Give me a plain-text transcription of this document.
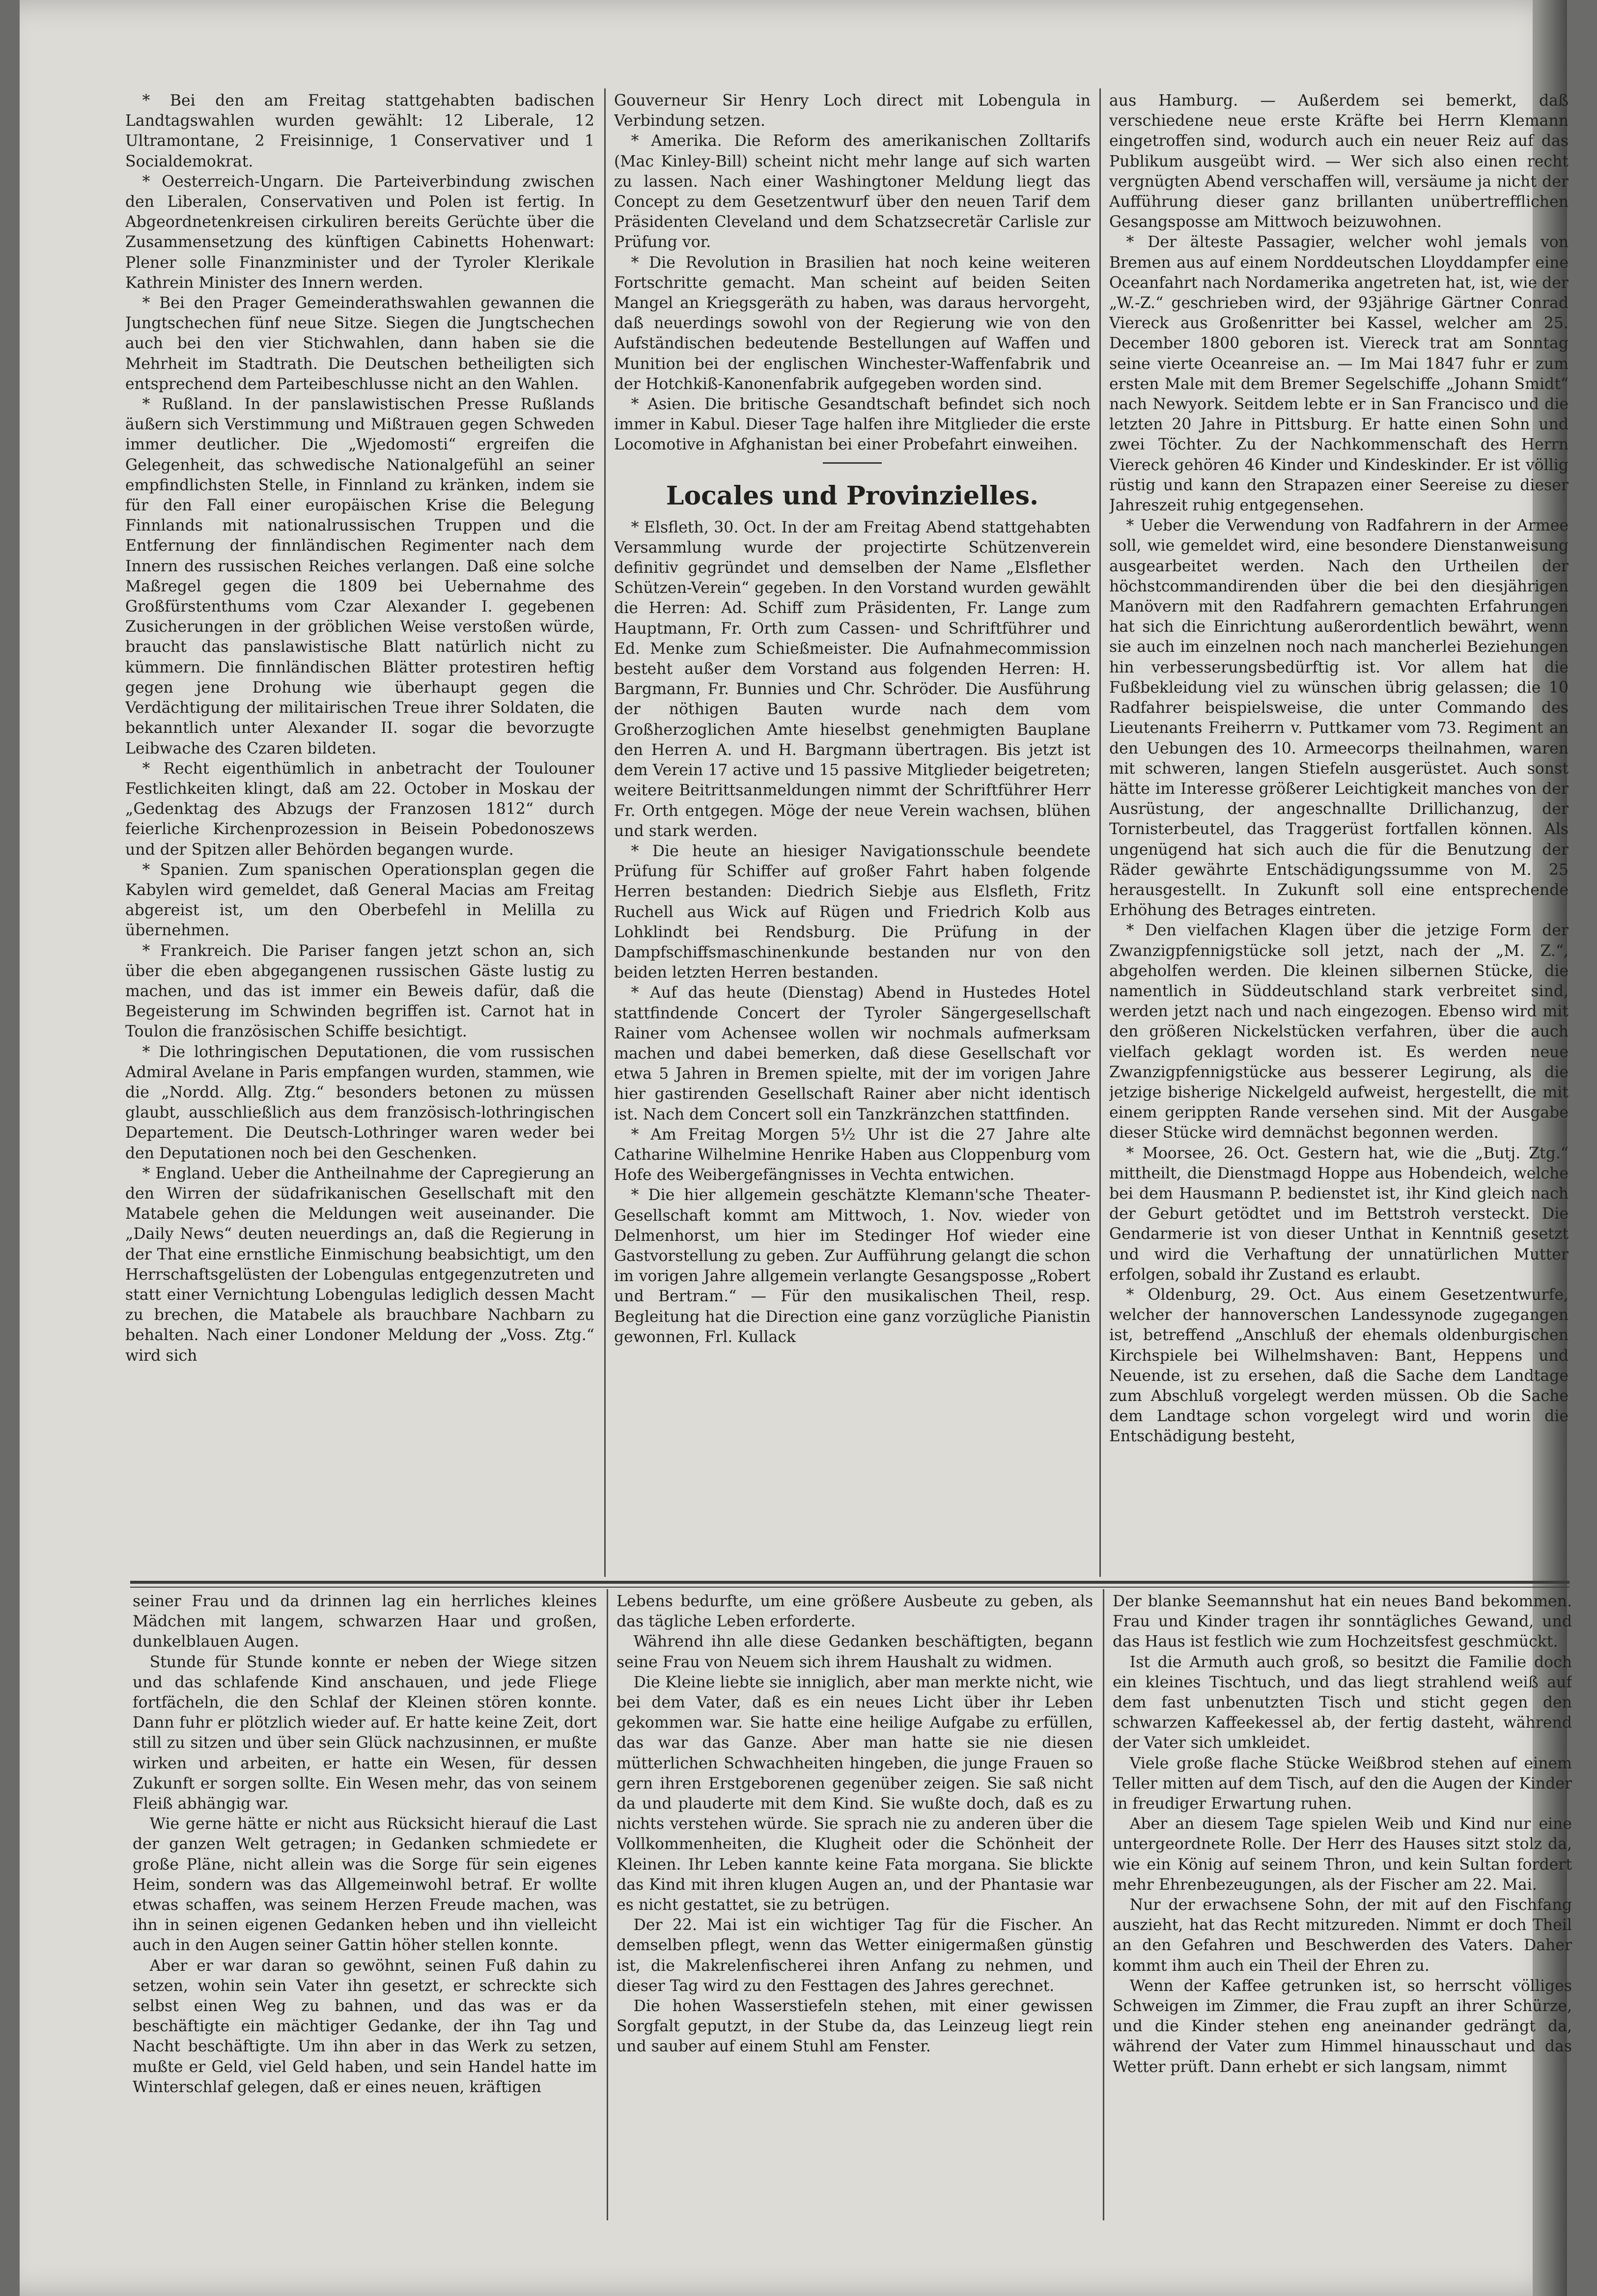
* Bei den am Freitag stattgehabten badischen Landtagswahlen wurden gewählt: 12 Liberale, 12 Ultramontane, 2 Freisinnige, 1 Conservativer und 1 Socialdemokrat.

* Oesterreich-Ungarn. Die Parteiverbindung zwischen den Liberalen, Conservativen und Polen ist fertig. In Abgeordnetenkreisen cirkuliren bereits Gerüchte über die Zusammensetzung des künftigen Cabinetts Hohenwart: Plener solle Finanzminister und der Tyroler Klerikale Kathrein Minister des Innern werden.

* Bei den Prager Gemeinderathswahlen gewannen die Jungtschechen fünf neue Sitze. Siegen die Jungtschechen auch bei den vier Stichwahlen, dann haben sie die Mehrheit im Stadtrath. Die Deutschen betheiligten sich entsprechend dem Parteibeschlusse nicht an den Wahlen.

* Rußland. In der panslawistischen Presse Rußlands äußern sich Verstimmung und Mißtrauen gegen Schweden immer deutlicher. Die „Wjedomosti“ ergreifen die Gelegenheit, das schwedische Nationalgefühl an seiner empfindlichsten Stelle, in Finnland zu kränken, indem sie für den Fall einer europäischen Krise die Belegung Finnlands mit nationalrussischen Truppen und die Entfernung der finnländischen Regimenter nach dem Innern des russischen Reiches verlangen. Daß eine solche Maßregel gegen die 1809 bei Uebernahme des Großfürstenthums vom Czar Alexander I. gegebenen Zusicherungen in der gröblichen Weise verstoßen würde, braucht das panslawistische Blatt natürlich nicht zu kümmern. Die finnländischen Blätter protestiren heftig gegen jene Drohung wie überhaupt gegen die Verdächtigung der militairischen Treue ihrer Soldaten, die bekanntlich unter Alexander II. sogar die bevorzugte Leibwache des Czaren bildeten.

* Recht eigenthümlich in anbetracht der Toulouner Festlichkeiten klingt, daß am 22. October in Moskau der „Gedenktag des Abzugs der Franzosen 1812“ durch feierliche Kirchenprozession in Beisein Pobedonoszews und der Spitzen aller Behörden begangen wurde.

* Spanien. Zum spanischen Operationsplan gegen die Kabylen wird gemeldet, daß General Macias am Freitag abgereist ist, um den Oberbefehl in Melilla zu übernehmen.

* Frankreich. Die Pariser fangen jetzt schon an, sich über die eben abgegangenen russischen Gäste lustig zu machen, und das ist immer ein Beweis dafür, daß die Begeisterung im Schwinden begriffen ist. Carnot hat in Toulon die französischen Schiffe besichtigt.

* Die lothringischen Deputationen, die vom russischen Admiral Avelane in Paris empfangen wurden, stammen, wie die „Nordd. Allg. Ztg.“ besonders betonen zu müssen glaubt, ausschließlich aus dem französisch-lothringischen Departement. Die Deutsch-Lothringer waren weder bei den Deputationen noch bei den Geschenken.

* England. Ueber die Antheilnahme der Capregierung an den Wirren der südafrikanischen Gesellschaft mit den Matabele gehen die Meldungen weit auseinander. Die „Daily News“ deuten neuerdings an, daß die Regierung in der That eine ernstliche Einmischung beabsichtigt, um den Herrschaftsgelüsten der Lobengulas entgegenzutreten und statt einer Vernichtung Lobengulas lediglich dessen Macht zu brechen, die Matabele als brauchbare Nachbarn zu behalten. Nach einer Londoner Meldung der „Voss. Ztg.“ wird sich

Gouverneur Sir Henry Loch direct mit Lobengula in Verbindung setzen.

* Amerika. Die Reform des amerikanischen Zolltarifs (Mac Kinley-Bill) scheint nicht mehr lange auf sich warten zu lassen. Nach einer Washingtoner Meldung liegt das Concept zu dem Gesetzentwurf über den neuen Tarif dem Präsidenten Cleveland und dem Schatzsecretär Carlisle zur Prüfung vor.

* Die Revolution in Brasilien hat noch keine weiteren Fortschritte gemacht. Man scheint auf beiden Seiten Mangel an Kriegsgeräth zu haben, was daraus hervorgeht, daß neuerdings sowohl von der Regierung wie von den Aufständischen bedeutende Bestellungen auf Waffen und Munition bei der englischen Winchester-Waffenfabrik und der Hotchkiß-Kanonenfabrik aufgegeben worden sind.

* Asien. Die britische Gesandtschaft befindet sich noch immer in Kabul. Dieser Tage halfen ihre Mitglieder die erste Locomotive in Afghanistan bei einer Probefahrt einweihen.

Locales und Provinzielles.

* Elsfleth, 30. Oct. In der am Freitag Abend stattgehabten Versammlung wurde der projectirte Schützenverein definitiv gegründet und demselben der Name „Elsflether Schützen-Verein“ gegeben. In den Vorstand wurden gewählt die Herren: Ad. Schiff zum Präsidenten, Fr. Lange zum Hauptmann, Fr. Orth zum Cassen- und Schriftführer und Ed. Menke zum Schießmeister. Die Aufnahmecommission besteht außer dem Vorstand aus folgenden Herren: H. Bargmann, Fr. Bunnies und Chr. Schröder. Die Ausführung der nöthigen Bauten wurde nach dem vom Großherzoglichen Amte hieselbst genehmigten Bauplane den Herren A. und H. Bargmann übertragen. Bis jetzt ist dem Verein 17 active und 15 passive Mitglieder beigetreten; weitere Beitrittsanmeldungen nimmt der Schriftführer Herr Fr. Orth entgegen. Möge der neue Verein wachsen, blühen und stark werden.

* Die heute an hiesiger Navigationsschule beendete Prüfung für Schiffer auf großer Fahrt haben folgende Herren bestanden: Diedrich Siebje aus Elsfleth, Fritz Ruchell aus Wick auf Rügen und Friedrich Kolb aus Lohklindt bei Rendsburg. Die Prüfung in der Dampfschiffsmaschinenkunde bestanden nur von den beiden letzten Herren bestanden.

* Auf das heute (Dienstag) Abend in Hustedes Hotel stattfindende Concert der Tyroler Sängergesellschaft Rainer vom Achensee wollen wir nochmals aufmerksam machen und dabei bemerken, daß diese Gesellschaft vor etwa 5 Jahren in Bremen spielte, mit der im vorigen Jahre hier gastirenden Gesellschaft Rainer aber nicht identisch ist. Nach dem Concert soll ein Tanzkränzchen stattfinden.

* Am Freitag Morgen 5½ Uhr ist die 27 Jahre alte Catharine Wilhelmine Henrike Haben aus Cloppenburg vom Hofe des Weibergefängnisses in Vechta entwichen.

* Die hier allgemein geschätzte Klemann'sche Theater-Gesellschaft kommt am Mittwoch, 1. Nov. wieder von Delmenhorst, um hier im Stedinger Hof wieder eine Gastvorstellung zu geben. Zur Aufführung gelangt die schon im vorigen Jahre allgemein verlangte Gesangsposse „Robert und Bertram.“ — Für den musikalischen Theil, resp. Begleitung hat die Direction eine ganz vorzügliche Pianistin gewonnen, Frl. Kullack

aus Hamburg. — Außerdem sei bemerkt, daß verschiedene neue erste Kräfte bei Herrn Klemann eingetroffen sind, wodurch auch ein neuer Reiz auf das Publikum ausgeübt wird. — Wer sich also einen recht vergnügten Abend verschaffen will, versäume ja nicht der Aufführung dieser ganz brillanten unübertrefflichen Gesangsposse am Mittwoch beizuwohnen.

* Der älteste Passagier, welcher wohl jemals von Bremen aus auf einem Norddeutschen Lloyddampfer eine Oceanfahrt nach Nordamerika angetreten hat, ist, wie der „W.-Z.“ geschrieben wird, der 93jährige Gärtner Conrad Viereck aus Großenritter bei Kassel, welcher am 25. December 1800 geboren ist. Viereck trat am Sonntag seine vierte Oceanreise an. — Im Mai 1847 fuhr er zum ersten Male mit dem Bremer Segelschiffe „Johann Smidt“ nach Newyork. Seitdem lebte er in San Francisco und die letzten 20 Jahre in Pittsburg. Er hatte einen Sohn und zwei Töchter. Zu der Nachkommenschaft des Herrn Viereck gehören 46 Kinder und Kindeskinder. Er ist völlig rüstig und kann den Strapazen einer Seereise zu dieser Jahreszeit ruhig entgegensehen.

* Ueber die Verwendung von Radfahrern in der Armee soll, wie gemeldet wird, eine besondere Dienstanweisung ausgearbeitet werden. Nach den Urtheilen der höchstcommandirenden über die bei den diesjährigen Manövern mit den Radfahrern gemachten Erfahrungen hat sich die Einrichtung außerordentlich bewährt, wenn sie auch im einzelnen noch nach mancherlei Beziehungen hin verbesserungsbedürftig ist. Vor allem hat die Fußbekleidung viel zu wünschen übrig gelassen; die 10 Radfahrer beispielsweise, die unter Commando des Lieutenants Freiherrn v. Puttkamer vom 73. Regiment an den Uebungen des 10. Armeecorps theilnahmen, waren mit schweren, langen Stiefeln ausgerüstet. Auch sonst hätte im Interesse größerer Leichtigkeit manches von der Ausrüstung, der angeschnallte Drillichanzug, der Tornisterbeutel, das Traggerüst fortfallen können. Als ungenügend hat sich auch die für die Benutzung der Räder gewährte Entschädigungssumme von M. 25 herausgestellt. In Zukunft soll eine entsprechende Erhöhung des Betrages eintreten.

* Den vielfachen Klagen über die jetzige Form der Zwanzigpfennigstücke soll jetzt, nach der „M. Z.“, abgeholfen werden. Die kleinen silbernen Stücke, die namentlich in Süddeutschland stark verbreitet sind, werden jetzt nach und nach eingezogen. Ebenso wird mit den größeren Nickelstücken verfahren, über die auch vielfach geklagt worden ist. Es werden neue Zwanzigpfennigstücke aus besserer Legirung, als die jetzige bisherige Nickelgeld aufweist, hergestellt, die mit einem gerippten Rande versehen sind. Mit der Ausgabe dieser Stücke wird demnächst begonnen werden.

* Moorsee, 26. Oct. Gestern hat, wie die „Butj. Ztg.“ mittheilt, die Dienstmagd Hoppe aus Hobendeich, welche bei dem Hausmann P. bedienstet ist, ihr Kind gleich nach der Geburt getödtet und im Bettstroh versteckt. Die Gendarmerie ist von dieser Unthat in Kenntniß gesetzt und wird die Verhaftung der unnatürlichen Mutter erfolgen, sobald ihr Zustand es erlaubt.

* Oldenburg, 29. Oct. Aus einem Gesetzentwurfe, welcher der hannoverschen Landessynode zugegangen ist, betreffend „Anschluß der ehemals oldenburgischen Kirchspiele bei Wilhelmshaven: Bant, Heppens und Neuende, ist zu ersehen, daß die Sache dem Landtage zum Abschluß vorgelegt werden müssen. Ob die Sache dem Landtage schon vorgelegt wird und worin die Entschädigung besteht,

seiner Frau und da drinnen lag ein herrliches kleines Mädchen mit langem, schwarzen Haar und großen, dunkelblauen Augen.

Stunde für Stunde konnte er neben der Wiege sitzen und das schlafende Kind anschauen, und jede Fliege fortfächeln, die den Schlaf der Kleinen stören konnte. Dann fuhr er plötzlich wieder auf. Er hatte keine Zeit, dort still zu sitzen und über sein Glück nachzusinnen, er mußte wirken und arbeiten, er hatte ein Wesen, für dessen Zukunft er sorgen sollte. Ein Wesen mehr, das von seinem Fleiß abhängig war.

Wie gerne hätte er nicht aus Rücksicht hierauf die Last der ganzen Welt getragen; in Gedanken schmiedete er große Pläne, nicht allein was die Sorge für sein eigenes Heim, sondern was das Allgemeinwohl betraf. Er wollte etwas schaffen, was seinem Herzen Freude machen, was ihn in seinen eigenen Gedanken heben und ihn vielleicht auch in den Augen seiner Gattin höher stellen konnte.

Aber er war daran so gewöhnt, seinen Fuß dahin zu setzen, wohin sein Vater ihn gesetzt, er schreckte sich selbst einen Weg zu bahnen, und das was er da beschäftigte ein mächtiger Gedanke, der ihn Tag und Nacht beschäftigte. Um ihn aber in das Werk zu setzen, mußte er Geld, viel Geld haben, und sein Handel hatte im Winterschlaf gelegen, daß er eines neuen, kräftigen

Lebens bedurfte, um eine größere Ausbeute zu geben, als das tägliche Leben erforderte.

Während ihn alle diese Gedanken beschäftigten, begann seine Frau von Neuem sich ihrem Haushalt zu widmen.

Die Kleine liebte sie inniglich, aber man merkte nicht, wie bei dem Vater, daß es ein neues Licht über ihr Leben gekommen war. Sie hatte eine heilige Aufgabe zu erfüllen, das war das Ganze. Aber man hatte sie nie diesen mütterlichen Schwachheiten hingeben, die junge Frauen so gern ihren Erstgeborenen gegenüber zeigen. Sie saß nicht da und plauderte mit dem Kind. Sie wußte doch, daß es zu nichts verstehen würde. Sie sprach nie zu anderen über die Vollkommenheiten, die Klugheit oder die Schönheit der Kleinen. Ihr Leben kannte keine Fata morgana. Sie blickte das Kind mit ihren klugen Augen an, und der Phantasie war es nicht gestattet, sie zu betrügen.

Der 22. Mai ist ein wichtiger Tag für die Fischer. An demselben pflegt, wenn das Wetter einigermaßen günstig ist, die Makrelenfischerei ihren Anfang zu nehmen, und dieser Tag wird zu den Festtagen des Jahres gerechnet.

Die hohen Wasserstiefeln stehen, mit einer gewissen Sorgfalt geputzt, in der Stube da, das Leinzeug liegt rein und sauber auf einem Stuhl am Fenster.

Der blanke Seemannshut hat ein neues Band bekommen. Frau und Kinder tragen ihr sonntägliches Gewand, und das Haus ist festlich wie zum Hochzeitsfest geschmückt.

Ist die Armuth auch groß, so besitzt die Familie doch ein kleines Tischtuch, und das liegt strahlend weiß auf dem fast unbenutzten Tisch und sticht gegen den schwarzen Kaffeekessel ab, der fertig dasteht, während der Vater sich umkleidet.

Viele große flache Stücke Weißbrod stehen auf einem Teller mitten auf dem Tisch, auf den die Augen der Kinder in freudiger Erwartung ruhen.

Aber an diesem Tage spielen Weib und Kind nur eine untergeordnete Rolle. Der Herr des Hauses sitzt stolz da, wie ein König auf seinem Thron, und kein Sultan fordert mehr Ehrenbezeugungen, als der Fischer am 22. Mai.

Nur der erwachsene Sohn, der mit auf den Fischfang auszieht, hat das Recht mitzureden. Nimmt er doch Theil an den Gefahren und Beschwerden des Vaters. Daher kommt ihm auch ein Theil der Ehren zu.

Wenn der Kaffee getrunken ist, so herrscht völliges Schweigen im Zimmer, die Frau zupft an ihrer Schürze, und die Kinder stehen eng aneinander gedrängt da, während der Vater zum Himmel hinausschaut und das Wetter prüft. Dann erhebt er sich langsam, nimmt
